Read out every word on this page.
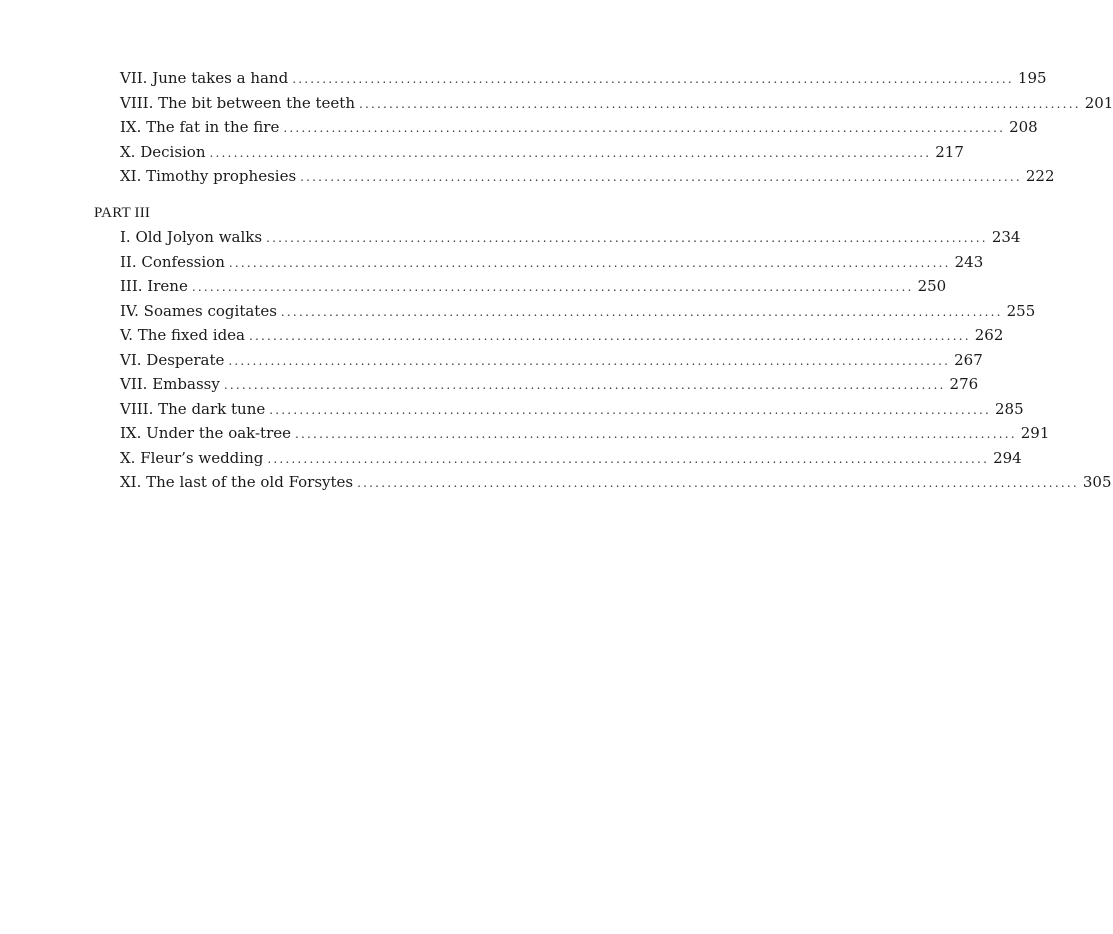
VII. June takes a hand ........................................................................................................................ 195
VIII. The bit between the teeth ........................................................................................................................ 201
IX. The fat in the fire ........................................................................................................................ 208
X. Decision ........................................................................................................................ 217
XI. Timothy prophesies ........................................................................................................................ 222
PART III
I. Old Jolyon walks ........................................................................................................................ 234
II. Confession ........................................................................................................................ 243
III. Irene ........................................................................................................................ 250
IV. Soames cogitates ........................................................................................................................ 255
V. The fixed idea ........................................................................................................................ 262
VI. Desperate ........................................................................................................................ 267
VII. Embassy ........................................................................................................................ 276
VIII. The dark tune ........................................................................................................................ 285
IX. Under the oak-tree ........................................................................................................................ 291
X. Fleur’s wedding ........................................................................................................................ 294
XI. The last of the old Forsytes ........................................................................................................................ 305
